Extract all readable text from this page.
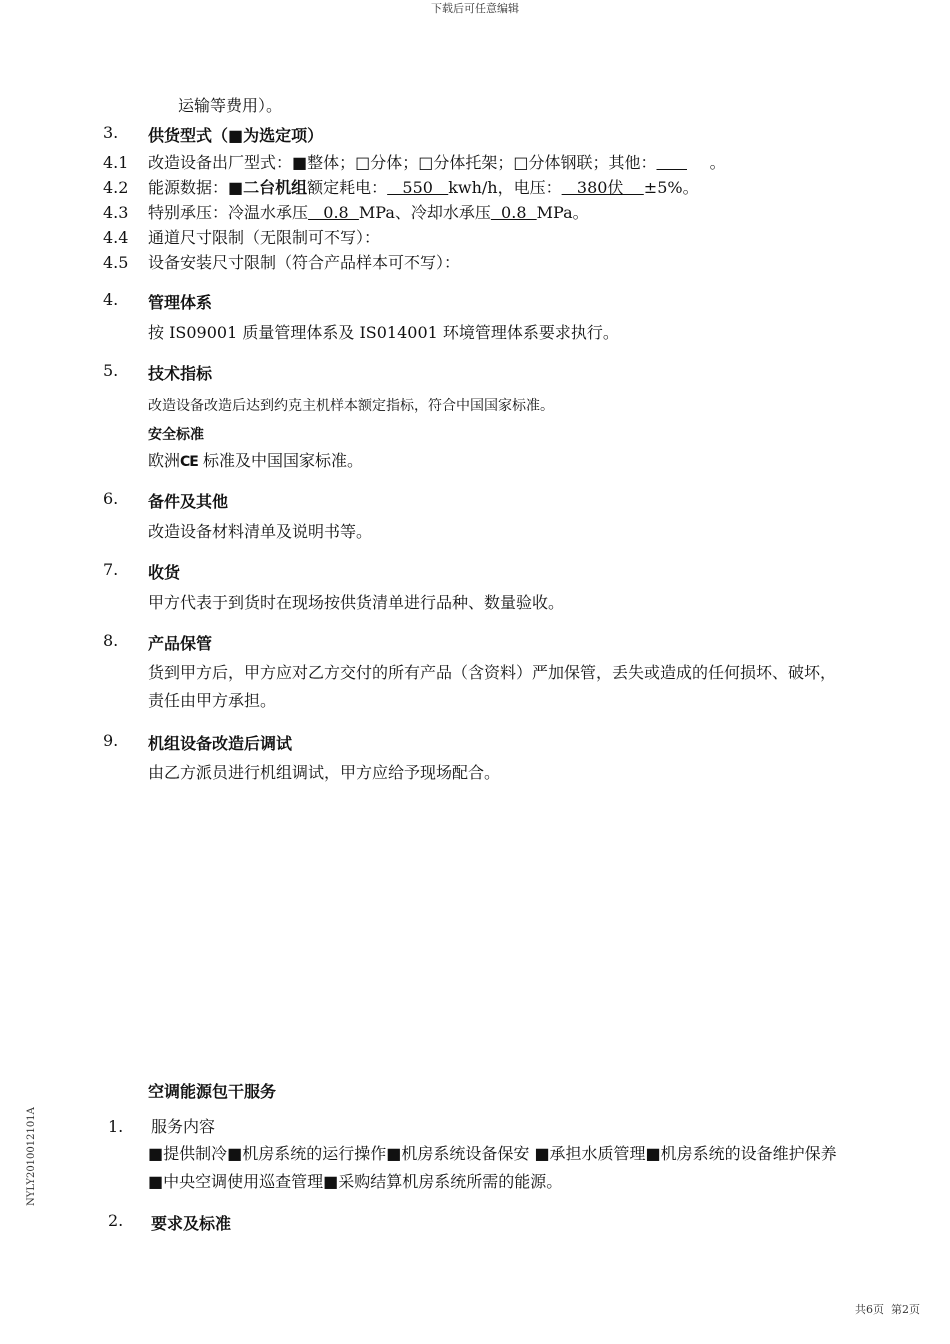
下载后可任意编辑
运输等费用）。
3. 供货型式（■为选定项）
4.1 改造设备出厂型式：■整体；□分体；□分体托架；□分体钢联；其他：	。
4.2 能源数据：■二台机组额定耗电：   550   kwh/h，电压：   380伏    ±5%。
4.3 特别承压：冷温水承压   0.8  MPa、冷却水承压  0.8  MPa。
4.4 通道尺寸限制（无限制可不写）：
4.5 设备安装尺寸限制（符合产品样本可不写）：
4. 管理体系
按 IS09001 质量管理体系及 IS014001 环境管理体系要求执行。
5. 技术指标
改造设备改造后达到约克主机样本额定指标，符合中国国家标准。
安全标准
欧洲CE 标准及中国国家标准。
6. 备件及其他
改造设备材料清单及说明书等。
7. 收货
甲方代表于到货时在现场按供货清单进行品种、数量验收。
8. 产品保管
货到甲方后，甲方应对乙方交付的所有产品（含资料）严加保管，丢失或造成的任何损坏、破坏，责任由甲方承担。
9. 机组设备改造后调试
由乙方派员进行机组调试，甲方应给予现场配合。
空调能源包干服务
1. 服务内容
■提供制冷■机房系统的运行操作■机房系统设备保安 ■承担水质管理■机房系统的设备维护保养■中央空调使用巡查管理■采购结算机房系统所需的能源。
2. 要求及标准
NYLY2010012101A
共6页 第2页
